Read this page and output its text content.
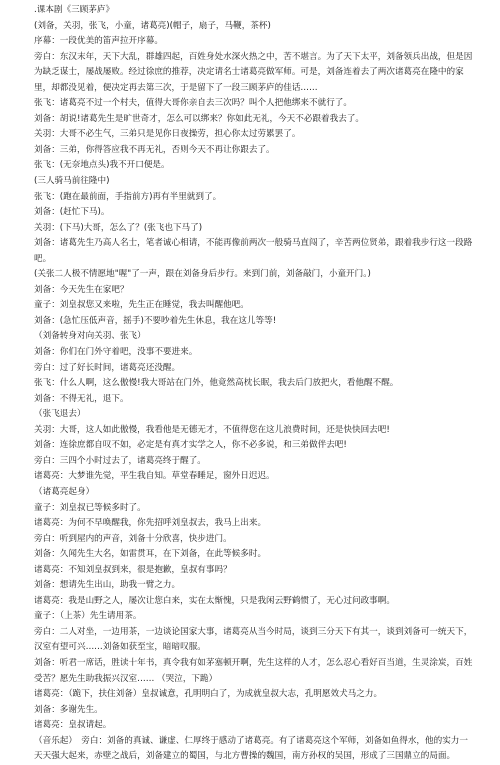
.课本剧《三顾茅庐》
(刘备，关羽，张飞，小童，诸葛亮)(帽子，扇子，马鞭，茶杯)
序幕：一段优美的笛声拉开序幕。
旁白：东汉末年，天下大乱，群雄四起，百姓身处水深火热之中，苦不堪言。为了天下太平，刘备领兵出战，但是因为缺乏谋士，屡战屡败。经过徐庶的推荐，决定请名士诸葛亮做军师。可是，刘备连着去了两次诸葛亮在隆中的家里，却都没见着，便决定再去第三次，于是留下了一段三顾茅庐的佳话……
张飞：诸葛亮不过一个村夫，值得大哥你亲自去三次吗？叫个人把他绑来不就行了。
刘备：胡说!诸葛先生是旷世奇才，怎么可以绑来？你如此无礼，今天不必跟着我去了。
关羽：大哥不必生气，三弟只是见你日夜操劳，担心你太过劳累罢了。
刘备：三弟，你得答应我不再无礼，否则今天不再让你跟去了。
张飞：(无奈地点头)我不开口便是。
(三人骑马前往隆中)
张飞：(跑在最前面，手指前方)再有半里就到了。
刘备：(赶忙下马)。
关羽：(下马)大哥，怎么了？(张飞也下马了)
刘备：诸葛先生乃高人名士，笔者诚心相请，不能再像前两次一般骑马直闯了，辛苦两位贤弟，跟着我步行这一段路吧。
(关张二人极不情愿地"喔"了一声，跟在刘备身后步行。来到门前，刘备敲门，小童开门。)
刘备：今天先生在家吧？
童子：刘皇叔您又来啦，先生正在睡觉，我去叫醒他吧。
刘备：(急忙压低声音，摇手)不要吵着先生休息，我在这儿等等!
（刘备转身对向关羽、张飞）
刘备：你们在门外守着吧，没事不要进来。
旁白：过了好长时间，诸葛亮还没醒。
张飞：什么人啊，这么傲慢!我大哥站在门外，他竟然高枕长眠，我去后门放把火，看他醒不醒。
刘备：不得无礼，退下。
（张飞退去）
关羽：大哥，这人如此傲慢，我看他是无德无才，不值得您在这儿浪费时间，还是快快回去吧!
刘备：连徐庶都自叹不如，必定是有真才实学之人，你不必多说，和三弟做伴去吧!
旁白：三四个小时过去了，诸葛亮终于醒了。
诸葛亮：大梦谁先觉，平生我自知。草堂春睡足，窗外日迟迟。
（诸葛亮起身）
童子：刘皇叔已等候多时了。
诸葛亮：为何不早唤醒我，你先招呼刘皇叔去，我马上出来。
旁白：听到屋内的声音，刘备十分欣喜，快步进门。
刘备：久闻先生大名，如雷贯耳，在下刘备，在此等候多时。
诸葛亮：不知刘皇叔到来，很是抱歉，皇叔有事吗？
刘备：想请先生出山，助我一臂之力。
诸葛亮：我是山野之人，屡次让您白来，实在太惭愧，只是我闲云野鹤惯了，无心过问政事啊。
童子：（上茶）先生请用茶。
旁白：二人对坐，一边用茶，一边谈论国家大事，诸葛亮从当今时局，谈到三分天下有其一，谈到刘备可一统天下，汉室有望可兴……刘备如获至宝，暗暗叹服。
刘备：听君一席话，胜读十年书，真令我有如茅塞顿开啊，先生这样的人才，怎么忍心看好百当道，生灵涂炭，百姓受苦？愿先生助我振兴汉室…… （哭泣，下跪）
诸葛亮：（跪下，扶住刘备）皇叔诚意，孔明明白了，为成就皇叔大志，孔明愿效犬马之力。
刘备：多谢先生。
诸葛亮：皇叔请起。
（音乐起）　旁白：刘备的真诚、谦虚、仁厚终于感动了诸葛亮。有了诸葛亮这个军师，刘备如鱼得水，他的实力一天天强大起来，赤壁之战后，刘备建立的蜀国，与北方曹操的魏国，南方孙权的吴国，形成了三国鼎立的局面。
